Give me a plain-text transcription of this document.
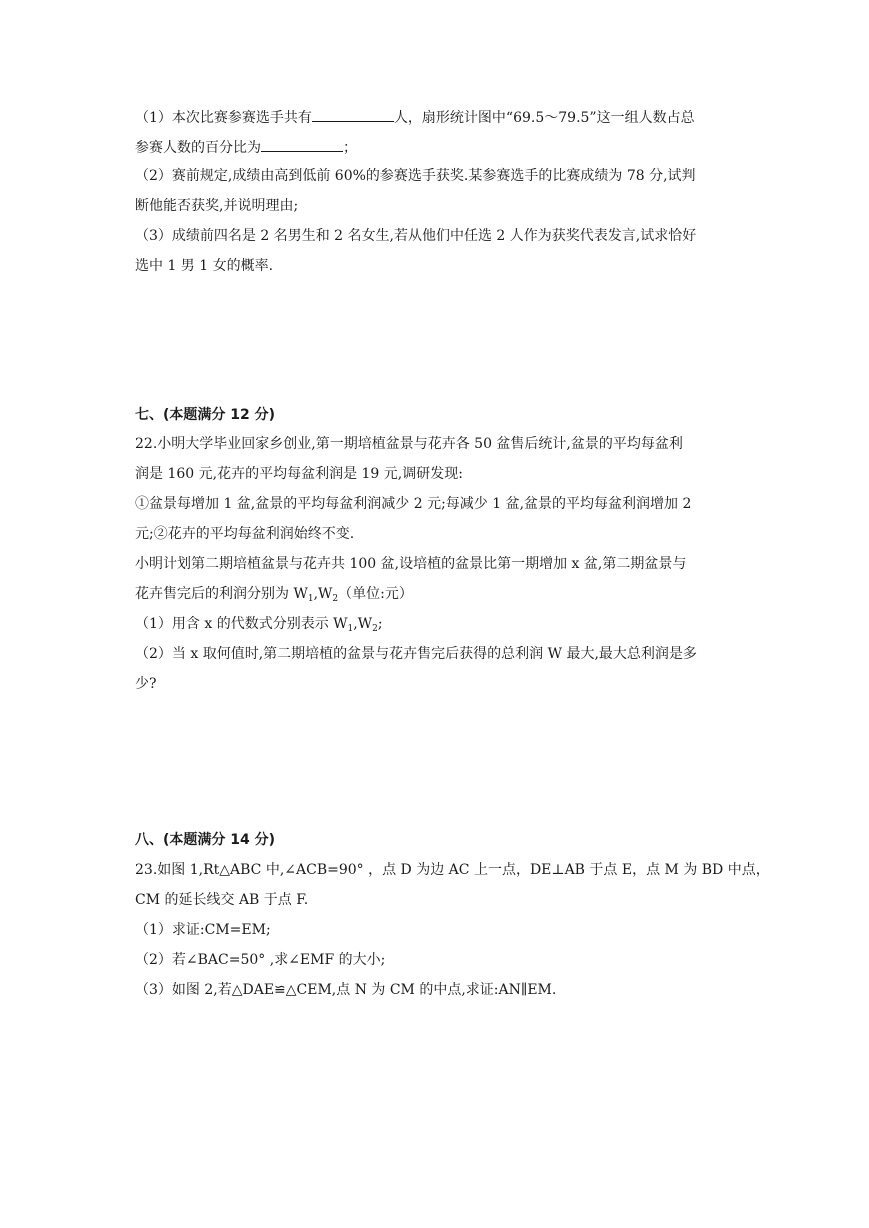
（1）本次比赛参赛选手共有	人，扇形统计图中“69.5～79.5”这一组人数占总
参赛人数的百分比为	；
（2）赛前规定,成绩由高到低前 60%的参赛选手获奖.某参赛选手的比赛成绩为 78 分,试判
断他能否获奖,并说明理由;
（3）成绩前四名是 2 名男生和 2 名女生,若从他们中任选 2 人作为获奖代表发言,试求恰好
选中 1 男 1 女的概率.
七、(本题满分 12 分)
22.小明大学毕业回家乡创业,第一期培植盆景与花卉各 50 盆售后统计,盆景的平均每盆利
润是 160 元,花卉的平均每盆利润是 19 元,调研发现:
①盆景每增加 1 盆,盆景的平均每盆利润减少 2 元;每减少 1 盆,盆景的平均每盆利润增加 2
元;②花卉的平均每盆利润始终不变.
小明计划第二期培植盆景与花卉共 100 盆,设培植的盆景比第一期增加 x 盆,第二期盆景与
花卉售完后的利润分别为 $W_1,W_2$（单位:元）
（1）用含 x 的代数式分别表示 $W_1,W_2$;
（2）当 x 取何值时,第二期培植的盆景与花卉售完后获得的总利润 W 最大,最大总利润是多
少?
八、(本题满分 14 分)
23.如图 1,Rt△ABC 中,∠ACB=90° ，点 D 为边 AC 上一点，DE⊥AB 于点 E，点 M 为 BD 中点，
CM 的延长线交 AB 于点 F.
（1）求证:CM=EM;
（2）若∠BAC=50° ,求∠EMF 的大小;
（3）如图 2,若△DAE≌△CEM,点 N 为 CM 的中点,求证:AN∥EM.
